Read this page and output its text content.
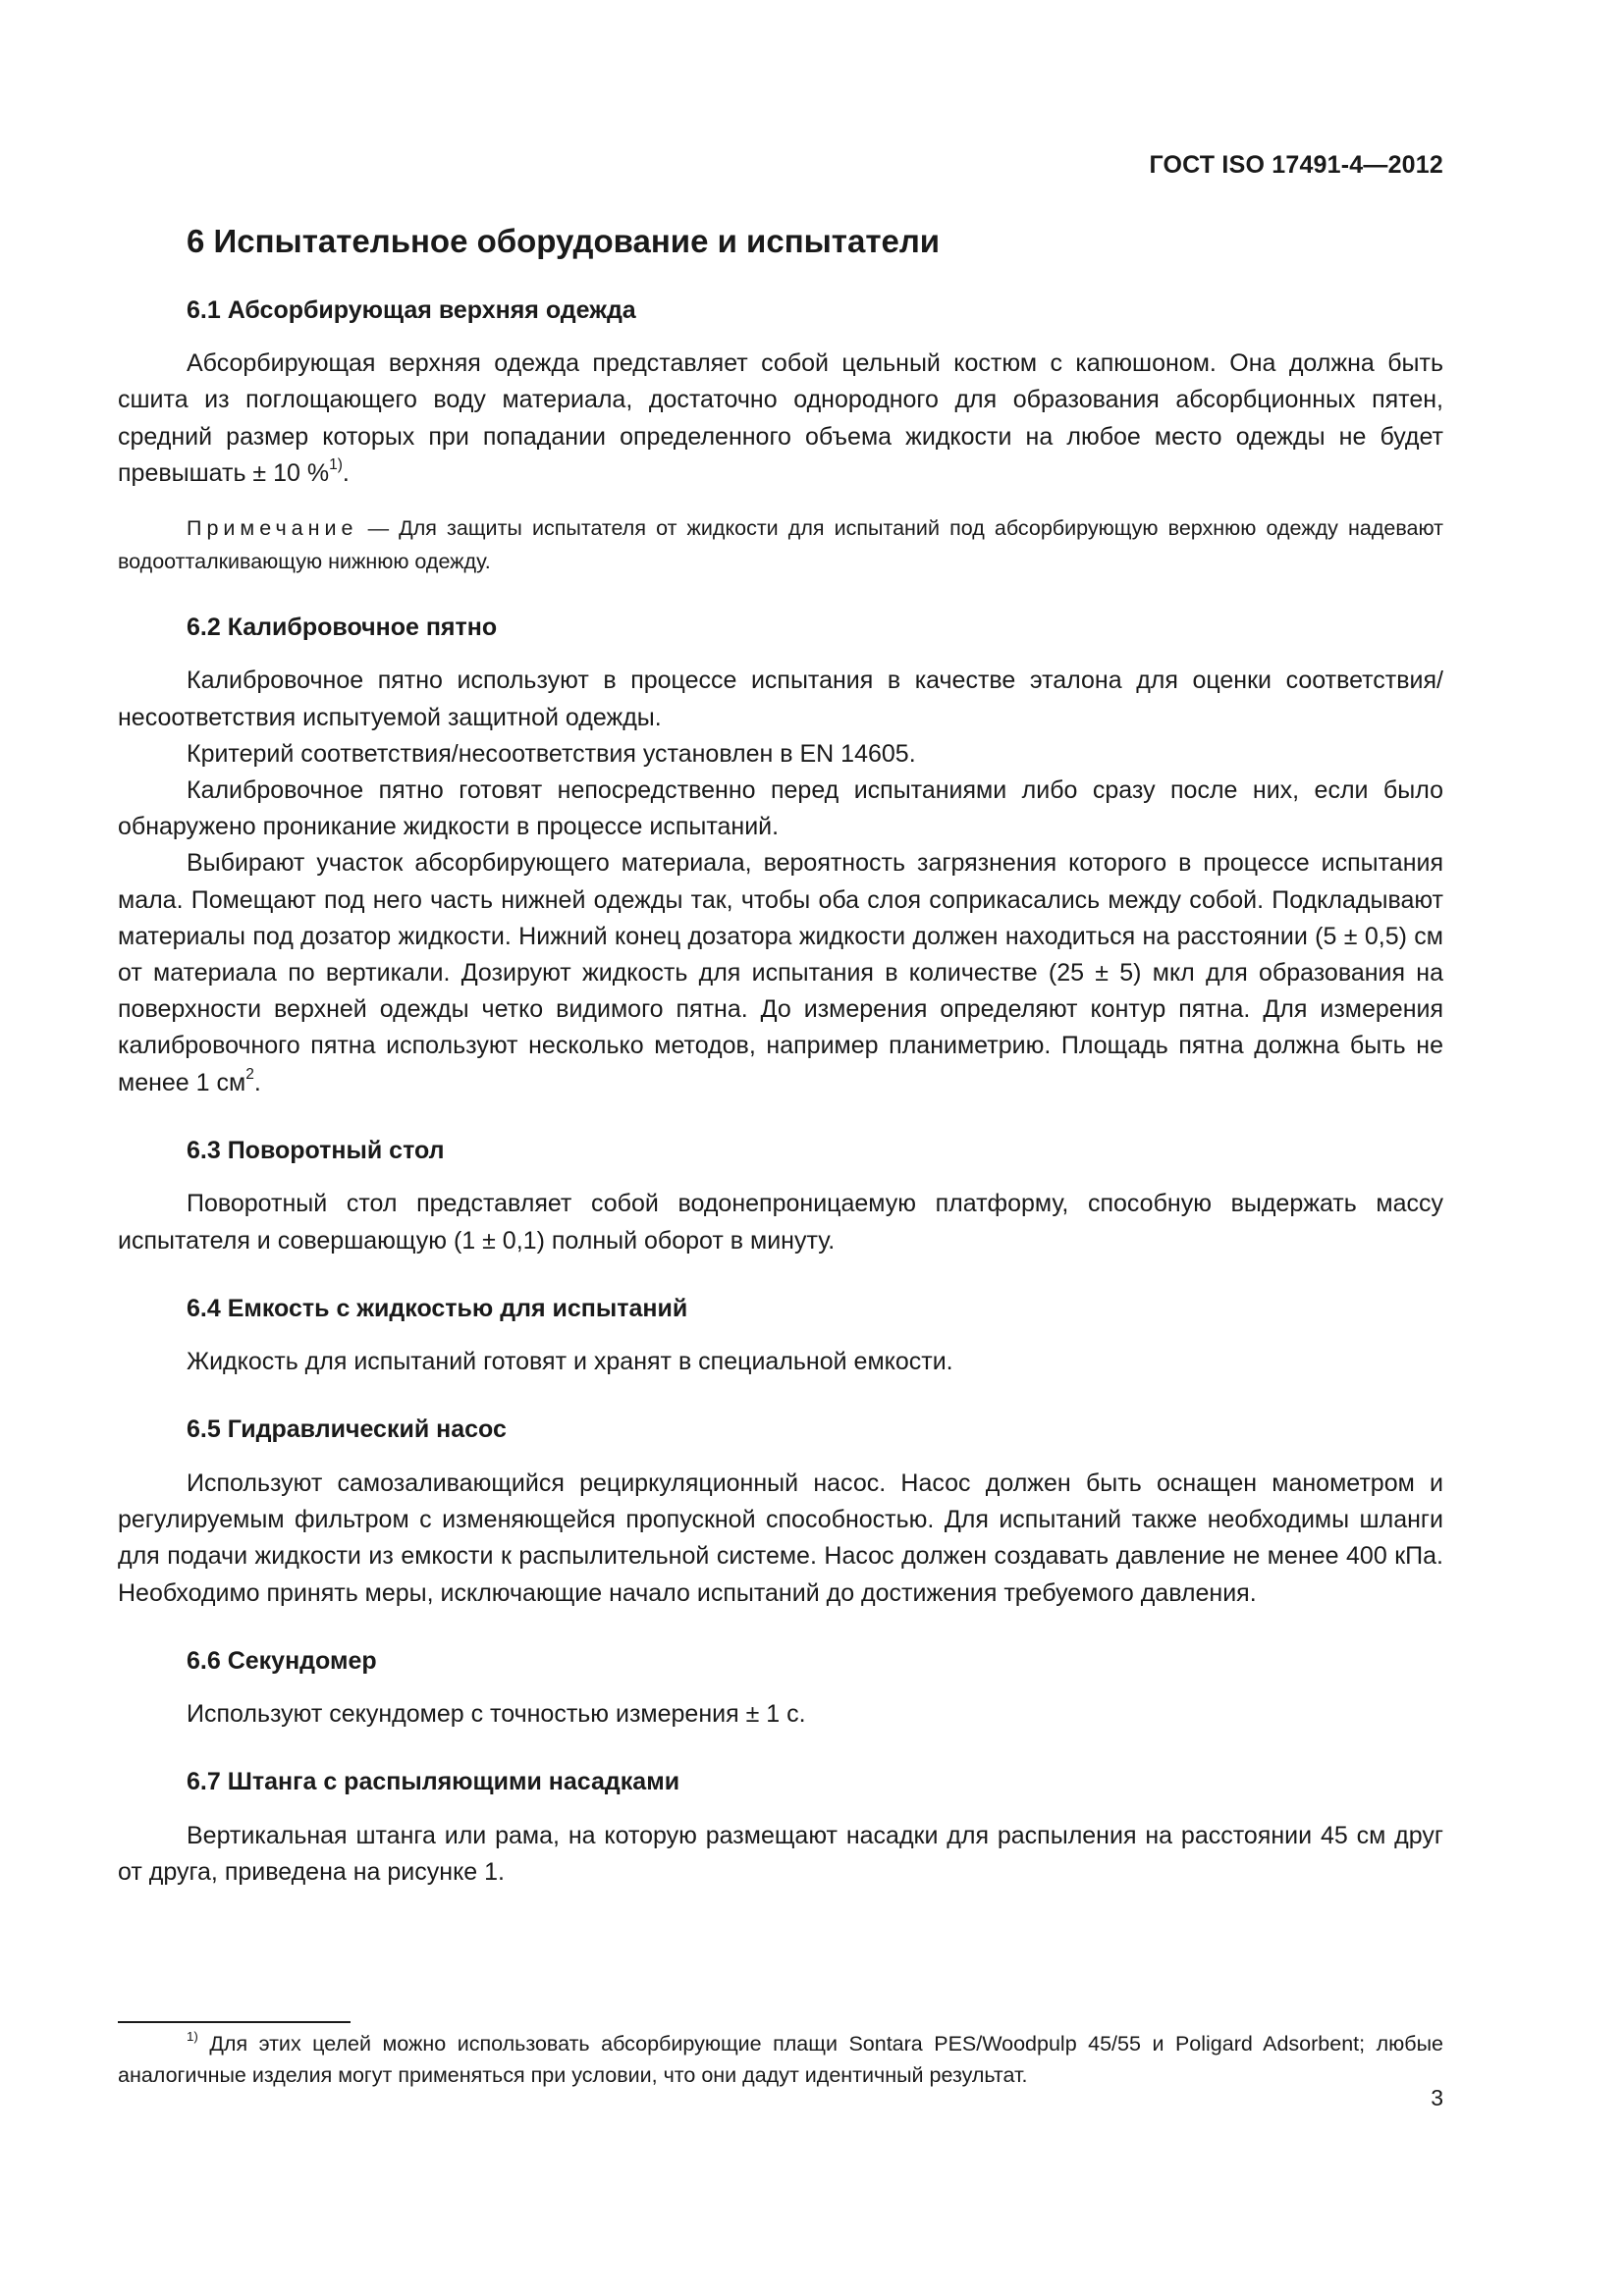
ГОСТ ISO 17491-4—2012
6 Испытательное оборудование и испытатели
6.1 Абсорбирующая верхняя одежда

Абсорбирующая верхняя одежда представляет собой цельный костюм с капюшоном. Она должна быть сшита из поглощающего воду материала, достаточно однородного для образования абсорбционных пятен, средний размер которых при попадании определенного объема жидкости на любое место одежды не будет превышать ± 10 %$^{1)}$.

Примечание — Для защиты испытателя от жидкости для испытаний под абсорбирующую верхнюю одежду надевают водоотталкивающую нижнюю одежду.

6.2 Калибровочное пятно

Калибровочное пятно используют в процессе испытания в качестве эталона для оценки соответствия/несоответствия испытуемой защитной одежды.

Критерий соответствия/несоответствия установлен в EN 14605.

Калибровочное пятно готовят непосредственно перед испытаниями либо сразу после них, если было обнаружено проникание жидкости в процессе испытаний.

Выбирают участок абсорбирующего материала, вероятность загрязнения которого в процессе испытания мала. Помещают под него часть нижней одежды так, чтобы оба слоя соприкасались между собой. Подкладывают материалы под дозатор жидкости. Нижний конец дозатора жидкости должен находиться на расстоянии (5 ± 0,5) см от материала по вертикали. Дозируют жидкость для испытания в количестве (25 ± 5) мкл для образования на поверхности верхней одежды четко видимого пятна. До измерения определяют контур пятна. Для измерения калибровочного пятна используют несколько методов, например планиметрию. Площадь пятна должна быть не менее 1 $см^2$.

6.3 Поворотный стол

Поворотный стол представляет собой водонепроницаемую платформу, способную выдержать массу испытателя и совершающую (1 ± 0,1) полный оборот в минуту.

6.4 Емкость с жидкостью для испытаний

Жидкость для испытаний готовят и хранят в специальной емкости.

6.5 Гидравлический насос

Используют самозаливающийся рециркуляционный насос. Насос должен быть оснащен манометром и регулируемым фильтром с изменяющейся пропускной способностью. Для испытаний также необходимы шланги для подачи жидкости из емкости к распылительной системе. Насос должен создавать давление не менее 400 кПа. Необходимо принять меры, исключающие начало испытаний до достижения требуемого давления.

6.6 Секундомер

Используют секундомер с точностью измерения ± 1 с.

6.7 Штанга с распыляющими насадками

Вертикальная штанга или рама, на которую размещают насадки для распыления на расстоянии 45 см друг от друга, приведена на рисунке 1.

$^{1)}$ Для этих целей можно использовать абсорбирующие плащи Sontara PES/Woodpulp 45/55 и Poligard Adsorbent; любые аналогичные изделия могут применяться при условии, что они дадут идентичный результат.

3
